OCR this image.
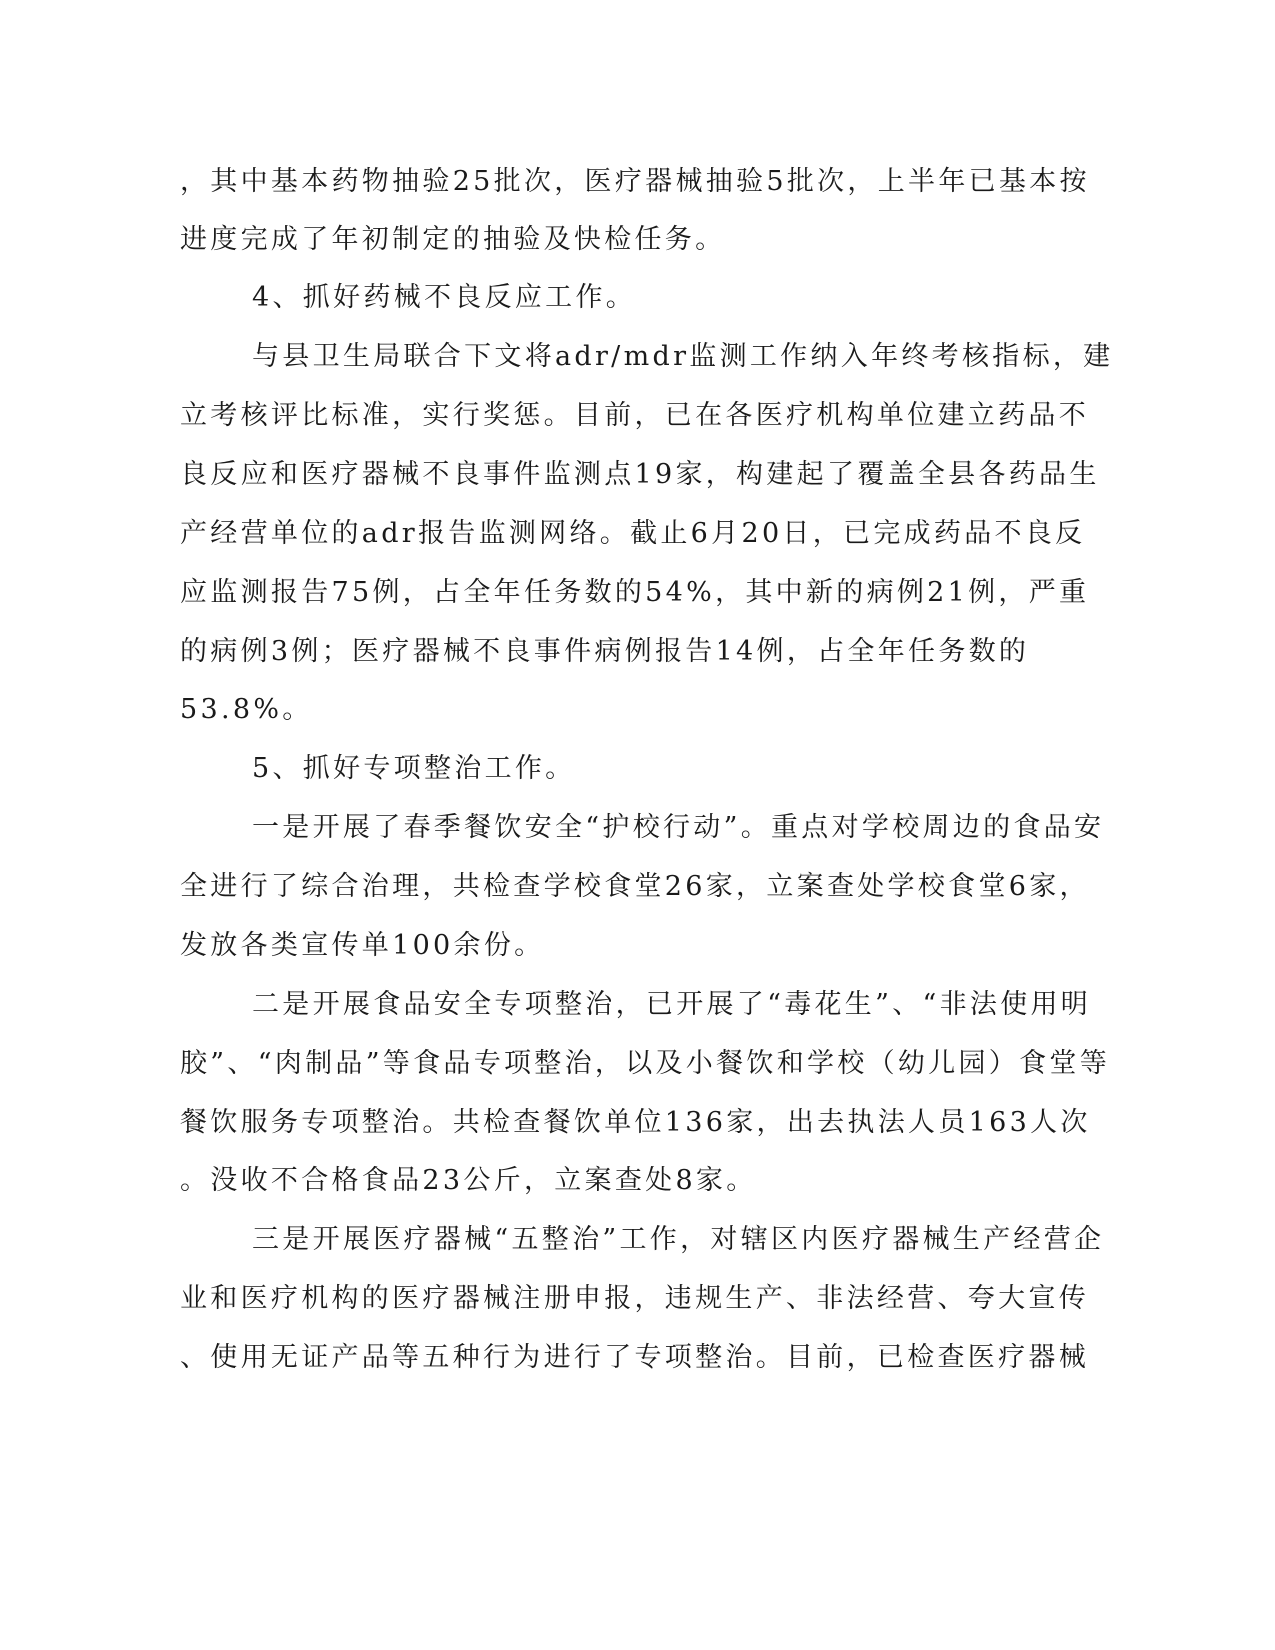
，其中基本药物抽验25批次，医疗器械抽验5批次，上半年已基本按
进度完成了年初制定的抽验及快检任务。
4、抓好药械不良反应工作。
与县卫生局联合下文将adr/mdr监测工作纳入年终考核指标，建
立考核评比标准，实行奖惩。目前，已在各医疗机构单位建立药品不
良反应和医疗器械不良事件监测点19家，构建起了覆盖全县各药品生
产经营单位的adr报告监测网络。截止6月20日，已完成药品不良反
应监测报告75例，占全年任务数的54%，其中新的病例21例，严重
的病例3例；医疗器械不良事件病例报告14例，占全年任务数的
53.8%。
5、抓好专项整治工作。
一是开展了春季餐饮安全“护校行动”。重点对学校周边的食品安
全进行了综合治理，共检查学校食堂26家，立案查处学校食堂6家，
发放各类宣传单100余份。
二是开展食品安全专项整治，已开展了“毒花生”、“非法使用明
胶”、“肉制品”等食品专项整治，以及小餐饮和学校（幼儿园）食堂等
餐饮服务专项整治。共检查餐饮单位136家，出去执法人员163人次
。没收不合格食品23公斤，立案查处8家。
三是开展医疗器械“五整治”工作，对辖区内医疗器械生产经营企
业和医疗机构的医疗器械注册申报，违规生产、非法经营、夸大宣传
、使用无证产品等五种行为进行了专项整治。目前，已检查医疗器械
